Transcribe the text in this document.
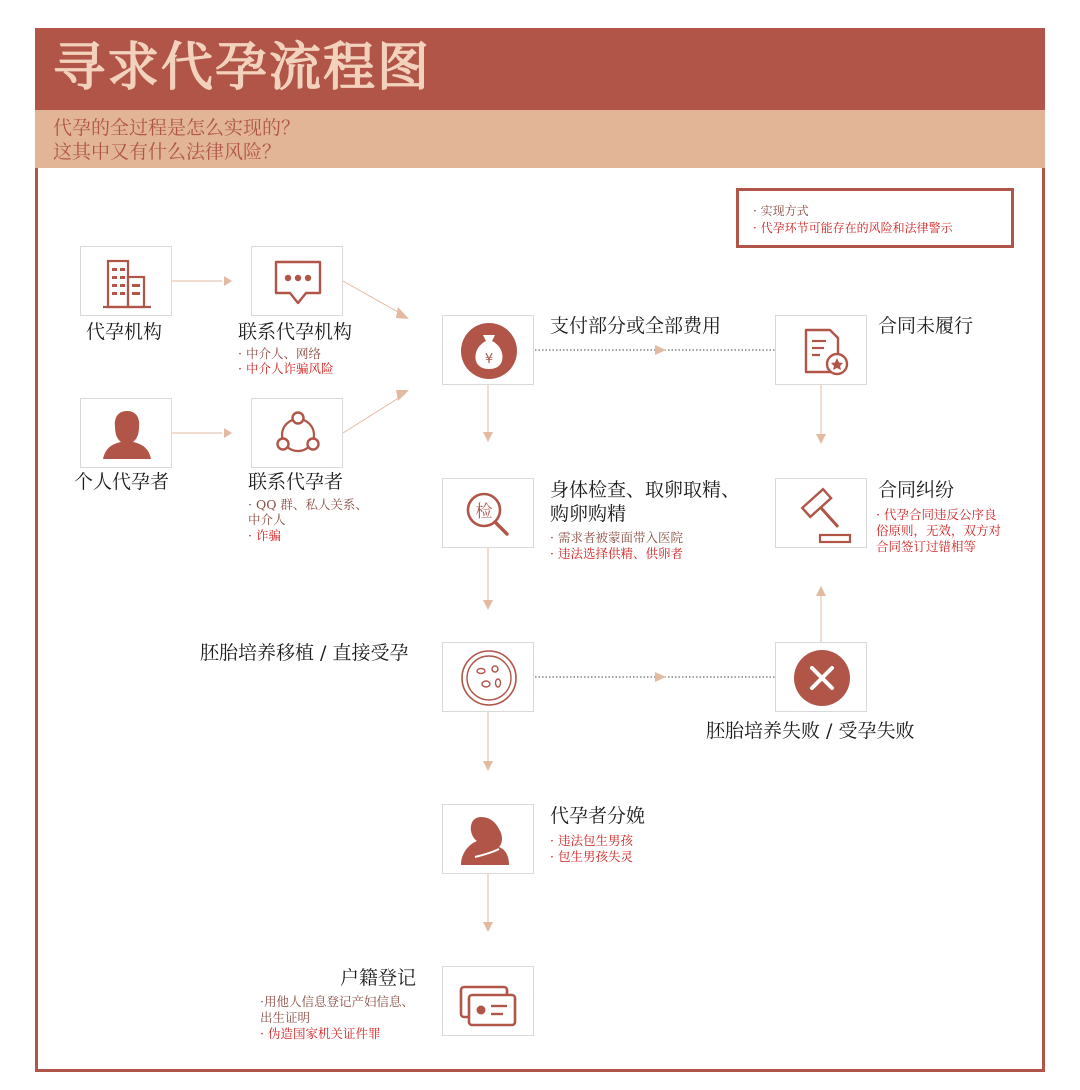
寻求代孕流程图
代孕的全过程是怎么实现的？
这其中又有什么法律风险？
· 实现方式
· 代孕环节可能存在的风险和法律警示
代孕机构	联系代孕机构
· 中介人、网络
· 中介人诈骗风险
个人代孕者	联系代孕者
· QQ 群、私人关系、
中介人
· 诈骗
¥
支付部分或全部费用	合同未履行
检
身体检查、取卵取精、
购卵购精
· 需求者被蒙面带入医院
· 违法选择供精、供卵者
合同纠纷
· 代孕合同违反公序良
俗原则，无效，双方对
合同签订过错相等
胚胎培养移植 / 直接受孕
胚胎培养失败 / 受孕失败
代孕者分娩
· 违法包生男孩
· 包生男孩失灵
户籍登记
·用他人信息登记产妇信息、
出生证明
· 伪造国家机关证件罪
